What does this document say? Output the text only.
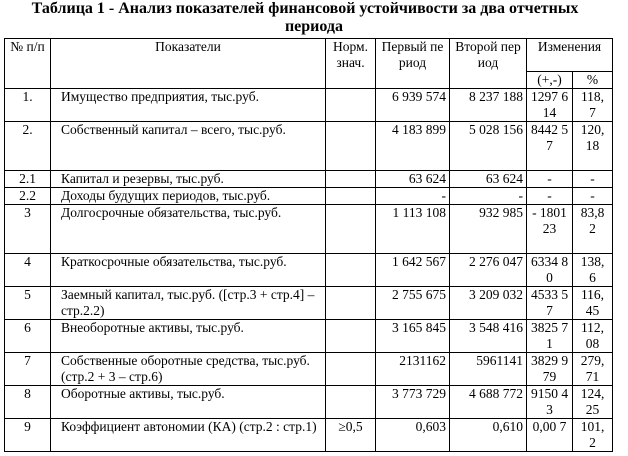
Таблица 1 - Анализ показателей финансовой устойчивости за два отчетных
периода
№ п/п	Показатели	Норм. знач.	Первый период	Второй период	Изменения	
					(+,-)	%
1.	Имущество предприятия, тыс.руб.		6 939 574	8 237 188	1297 614	118, 7
2.	Собственный капитал – всего, тыс.руб.		4 183 899	5 028 156	8442 57	120, 18
2.1	Капитал и резервы, тыс.руб.		63 624	63 624	-	-
2.2	Доходы будущих периодов, тыс.руб.		-	-	-	-
3	Долгосрочные обязательства, тыс.руб.		1 113 108	932 985	- 1801 23	83,8 2
4	Краткосрочные обязательства, тыс.руб.		1 642 567	2 276 047	6334 80	138, 6
5	Заемный капитал, тыс.руб. ([стр.3 + стр.4] – стр.2.2)		2 755 675	3 209 032	4533 57	116, 45
6	Внеоборотные активы, тыс.руб.		3 165 845	3 548 416	3825 71	112, 08
7	Собственные оборотные средства, тыс.руб. (стр.2 + 3 – стр.6)		2131162	5961141	3829 979	279, 71
8	Оборотные активы, тыс.руб.		3 773 729	4 688 772	9150 43	124, 25
9	Коэффициент автономии (КА) (стр.2 : стр.1)	≥0,5	0,603	0,610	0,00 7	101, 2
